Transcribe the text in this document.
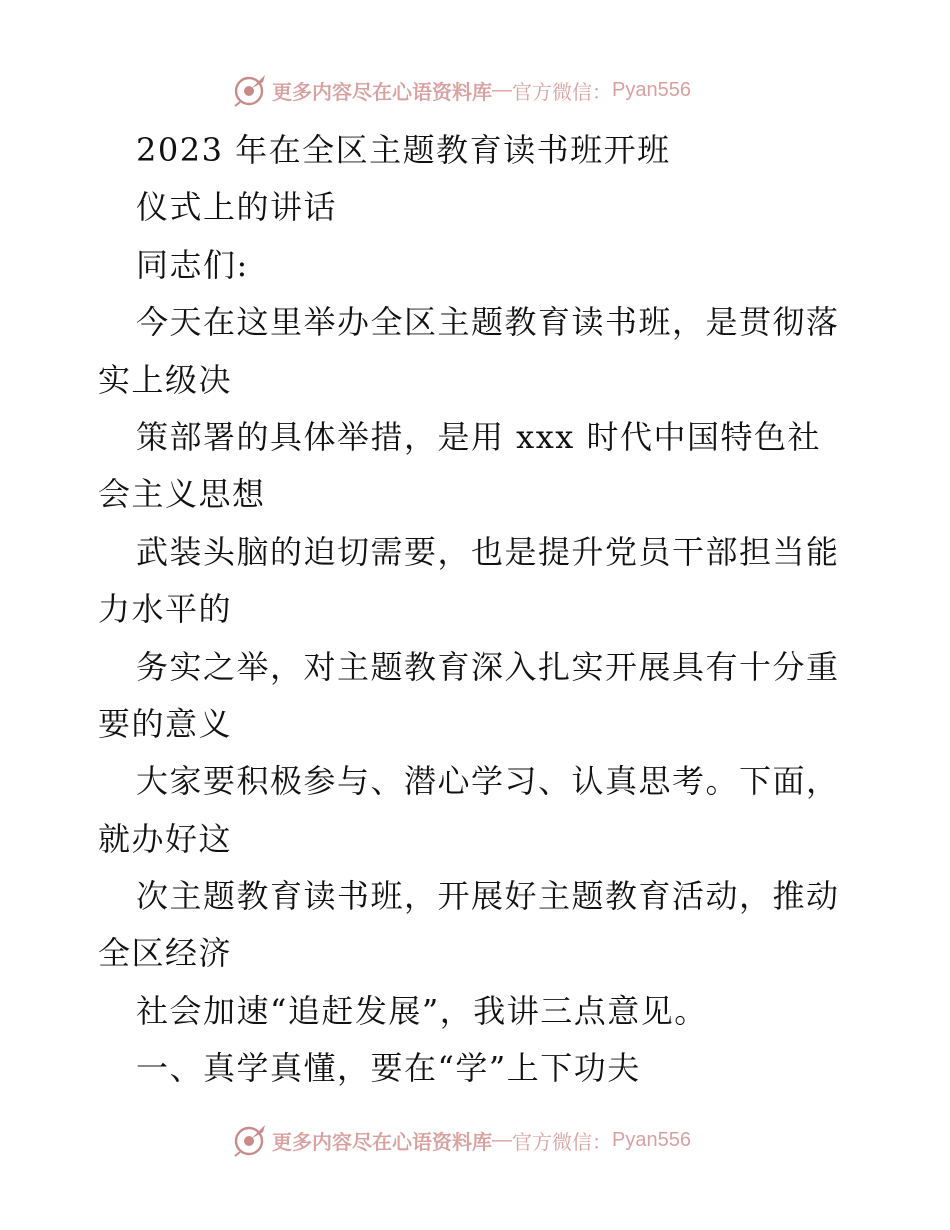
更多内容尽在心语资料库 — 官方微信： Pyan556
2023 年在全区主题教育读书班开班
仪式上的讲话
同志们:
今天在这里举办全区主题教育读书班，是贯彻落
实上级决
策部署的具体举措，是用 xxx 时代中国特色社
会主义思想
武装头脑的迫切需要，也是提升党员干部担当能
力水平的
务实之举，对主题教育深入扎实开展具有十分重
要的意义
大家要积极参与、潜心学习、认真思考。下面，
就办好这
次主题教育读书班，开展好主题教育活动，推动
全区经济
社会加速“追赶发展”，我讲三点意见。
一、真学真懂，要在“学”上下功夫
更多内容尽在心语资料库 — 官方微信： Pyan556
